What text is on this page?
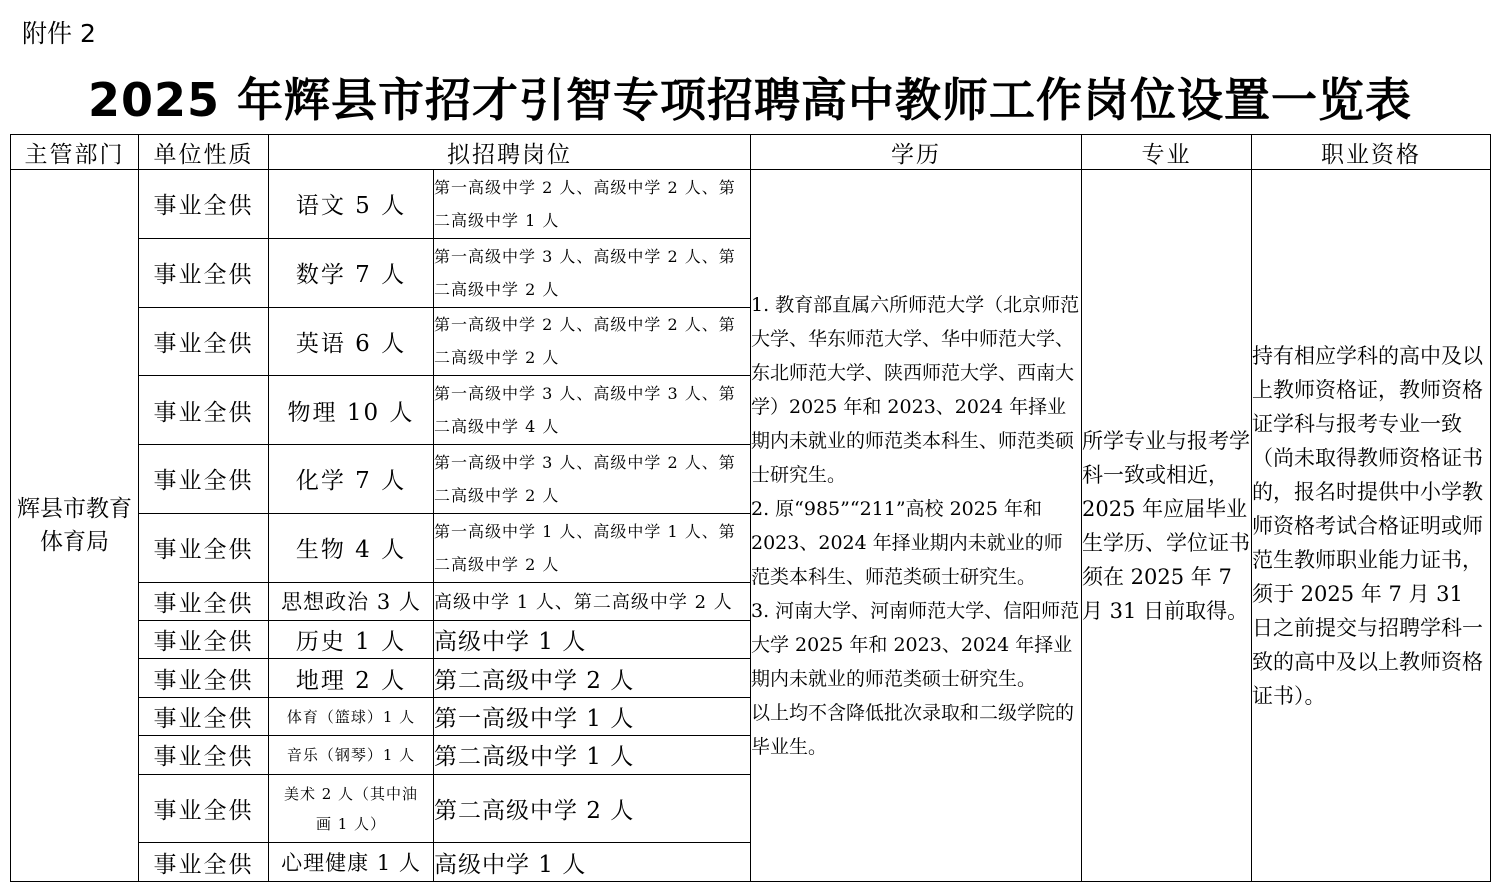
附件 2
2025 年辉县市招才引智专项招聘高中教师工作岗位设置一览表
主管部门	单位性质	拟招聘岗位		学历	专业	职业资格
辉县市教育体育局	事业全供	语文 5 人	第一高级中学 2 人、高级中学 2 人、第二高级中学 1 人	1. 教育部直属六所师范大学（北京师范大学、华东师范大学、华中师范大学、东北师范大学、陕西师范大学、西南大学）2025 年和 2023、2024 年择业期内未就业的师范类本科生、师范类硕士研究生。
2. 原“985”“211”高校 2025 年和 2023、2024 年择业期内未就业的师范类本科生、师范类硕士研究生。
3. 河南大学、河南师范大学、信阳师范大学 2025 年和 2023、2024 年择业期内未就业的师范类硕士研究生。
以上均不含降低批次录取和二级学院的毕业生。	所学专业与报考学科一致或相近，2025 年应届毕业生学历、学位证书须在 2025 年 7 月 31 日前取得。	持有相应学科的高中及以上教师资格证，教师资格证学科与报考专业一致（尚未取得教师资格证书的，报名时提供中小学教师资格考试合格证明或师范生教师职业能力证书，须于 2025 年 7 月 31 日之前提交与招聘学科一致的高中及以上教师资格证书）。
	事业全供	数学 7 人	第一高级中学 3 人、高级中学 2 人、第二高级中学 2 人			
	事业全供	英语 6 人	第一高级中学 2 人、高级中学 2 人、第二高级中学 2 人			
	事业全供	物理 10 人	第一高级中学 3 人、高级中学 3 人、第二高级中学 4 人			
	事业全供	化学 7 人	第一高级中学 3 人、高级中学 2 人、第二高级中学 2 人			
	事业全供	生物 4 人	第一高级中学 1 人、高级中学 1 人、第二高级中学 2 人			
	事业全供	思想政治 3 人	高级中学 1 人、第二高级中学 2 人			
	事业全供	历史 1 人	高级中学 1 人			
	事业全供	地理 2 人	第二高级中学 2 人			
	事业全供	体育（篮球）1 人	第一高级中学 1 人			
	事业全供	音乐（钢琴）1 人	第二高级中学 1 人			
	事业全供	美术 2 人（其中油画 1 人）	第二高级中学 2 人			
	事业全供	心理健康 1 人	高级中学 1 人			
